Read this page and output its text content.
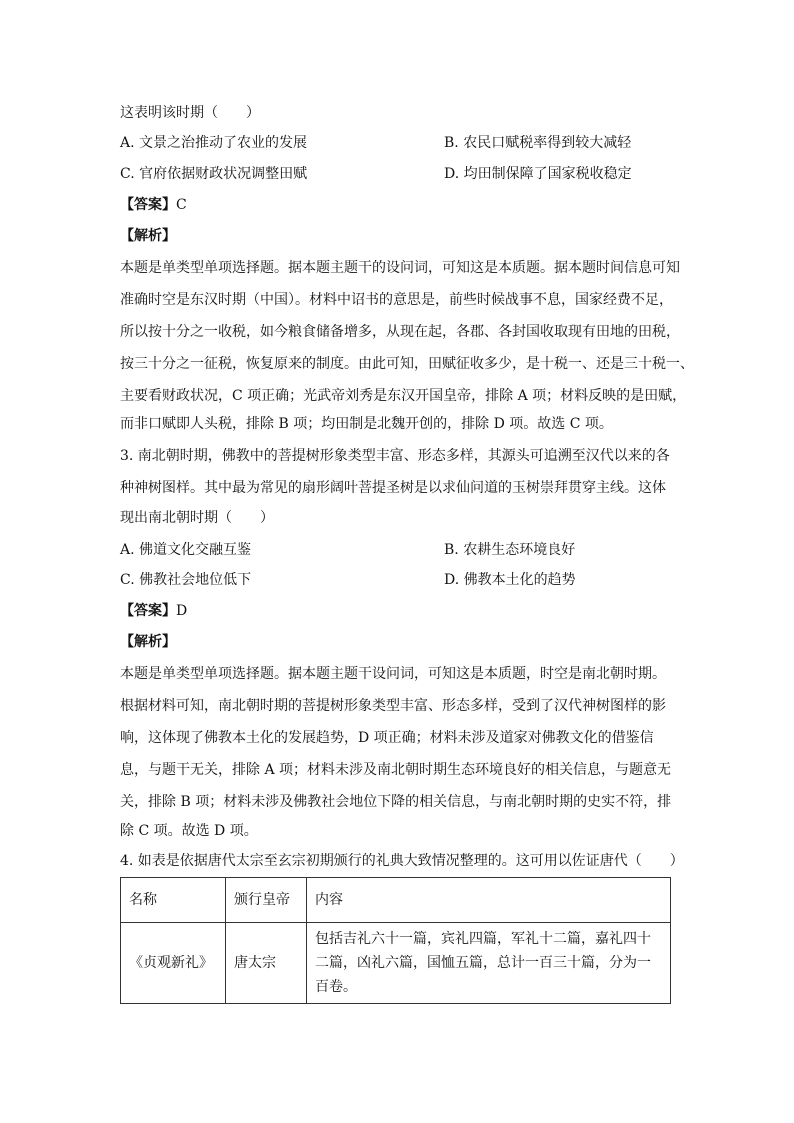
这表明该时期（　　）
A. 文景之治推动了农业的发展	B. 农民口赋税率得到较大减轻
C. 官府依据财政状况调整田赋	D. 均田制保障了国家税收稳定
【答案】C
【解析】
本题是单类型单项选择题。据本题主题干的设问词，可知这是本质题。据本题时间信息可知
准确时空是东汉时期（中国）。材料中诏书的意思是，前些时候战事不息，国家经费不足，
所以按十分之一收税，如今粮食储备增多，从现在起，各郡、各封国收取现有田地的田税，
按三十分之一征税，恢复原来的制度。由此可知，田赋征收多少，是十税一、还是三十税一、
主要看财政状况，C 项正确；光武帝刘秀是东汉开国皇帝，排除 A 项；材料反映的是田赋，
而非口赋即人头税，排除 B 项；均田制是北魏开创的，排除 D 项。故选 C 项。
3. 南北朝时期，佛教中的菩提树形象类型丰富、形态多样，其源头可追溯至汉代以来的各
种神树图样。其中最为常见的扇形阔叶菩提圣树是以求仙问道的玉树崇拜贯穿主线。这体
现出南北朝时期（　　）
A. 佛道文化交融互鉴	B. 农耕生态环境良好
C. 佛教社会地位低下	D. 佛教本土化的趋势
【答案】D
【解析】
本题是单类型单项选择题。据本题主题干设问词，可知这是本质题，时空是南北朝时期。
根据材料可知，南北朝时期的菩提树形象类型丰富、形态多样，受到了汉代神树图样的影
响，这体现了佛教本土化的发展趋势，D 项正确；材料未涉及道家对佛教文化的借鉴信
息，与题干无关，排除 A 项；材料未涉及南北朝时期生态环境良好的相关信息，与题意无
关，排除 B 项；材料未涉及佛教社会地位下降的相关信息，与南北朝时期的史实不符，排
除 C 项。故选 D 项。
4. 如表是依据唐代太宗至玄宗初期颁行的礼典大致情况整理的。这可用以佐证唐代（　　）
名称	颁行皇帝	内容
《贞观新礼》	唐太宗	包括吉礼六十一篇，宾礼四篇，军礼十二篇，嘉礼四十二篇，凶礼六篇，国恤五篇，总计一百三十篇，分为一百卷。
